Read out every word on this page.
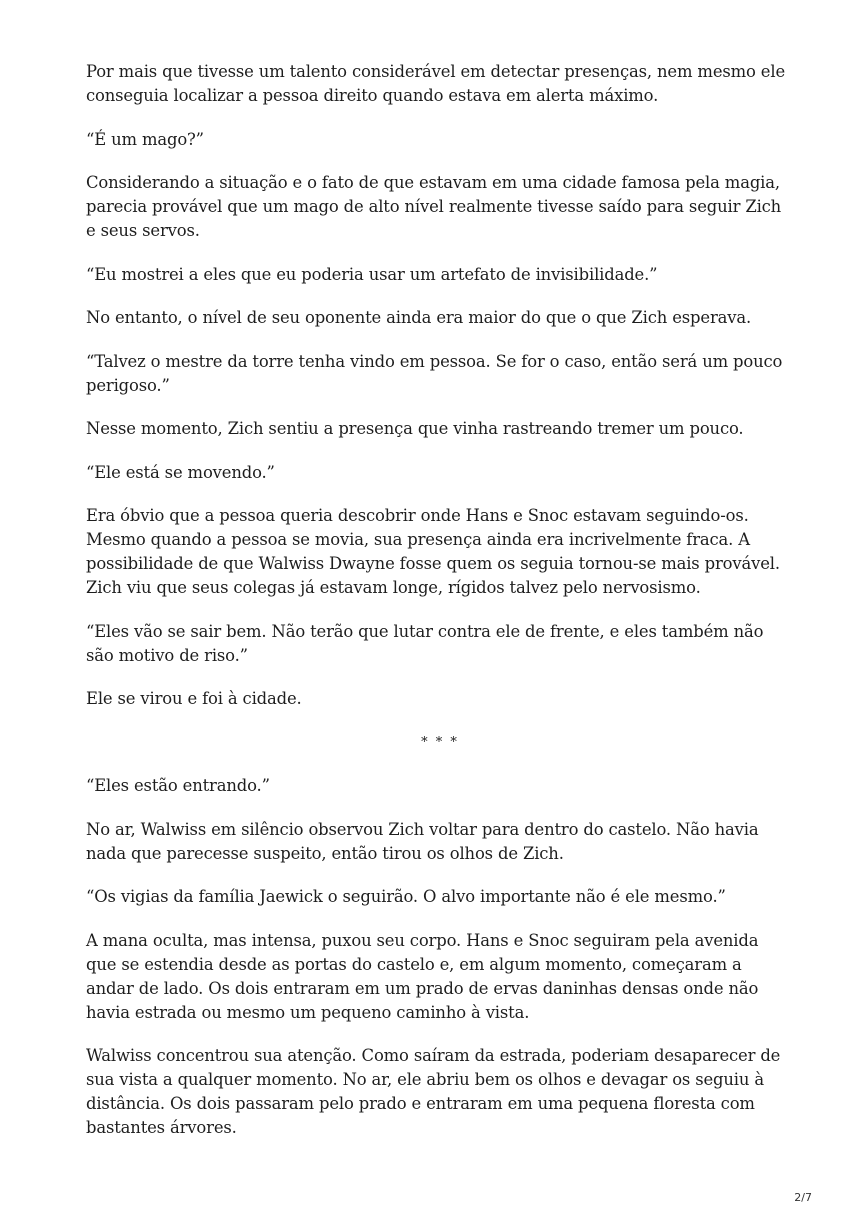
Por mais que tivesse um talento considerável em detectar presenças, nem mesmo ele conseguia localizar a pessoa direito quando estava em alerta máximo.

“É um mago?”

Considerando a situação e o fato de que estavam em uma cidade famosa pela magia, parecia provável que um mago de alto nível realmente tivesse saído para seguir Zich e seus servos.

“Eu mostrei a eles que eu poderia usar um artefato de invisibilidade.”

No entanto, o nível de seu oponente ainda era maior do que o que Zich esperava.

“Talvez o mestre da torre tenha vindo em pessoa. Se for o caso, então será um pouco perigoso.”

Nesse momento, Zich sentiu a presença que vinha rastreando tremer um pouco.

“Ele está se movendo.”

Era óbvio que a pessoa queria descobrir onde Hans e Snoc estavam seguindo-os. Mesmo quando a pessoa se movia, sua presença ainda era incrivelmente fraca. A possibilidade de que Walwiss Dwayne fosse quem os seguia tornou-se mais provável. Zich viu que seus colegas já estavam longe, rígidos talvez pelo nervosismo.

“Eles vão se sair bem. Não terão que lutar contra ele de frente, e eles também não são motivo de riso.”

Ele se virou e foi à cidade.

* * *

“Eles estão entrando.”

No ar, Walwiss em silêncio observou Zich voltar para dentro do castelo. Não havia nada que parecesse suspeito, então tirou os olhos de Zich.

“Os vigias da família Jaewick o seguirão. O alvo importante não é ele mesmo.”

A mana oculta, mas intensa, puxou seu corpo. Hans e Snoc seguiram pela avenida que se estendia desde as portas do castelo e, em algum momento, começaram a andar de lado. Os dois entraram em um prado de ervas daninhas densas onde não havia estrada ou mesmo um pequeno caminho à vista.

Walwiss concentrou sua atenção. Como saíram da estrada, poderiam desaparecer de sua vista a qualquer momento. No ar, ele abriu bem os olhos e devagar os seguiu à distância. Os dois passaram pelo prado e entraram em uma pequena floresta com bastantes árvores.

2/7
